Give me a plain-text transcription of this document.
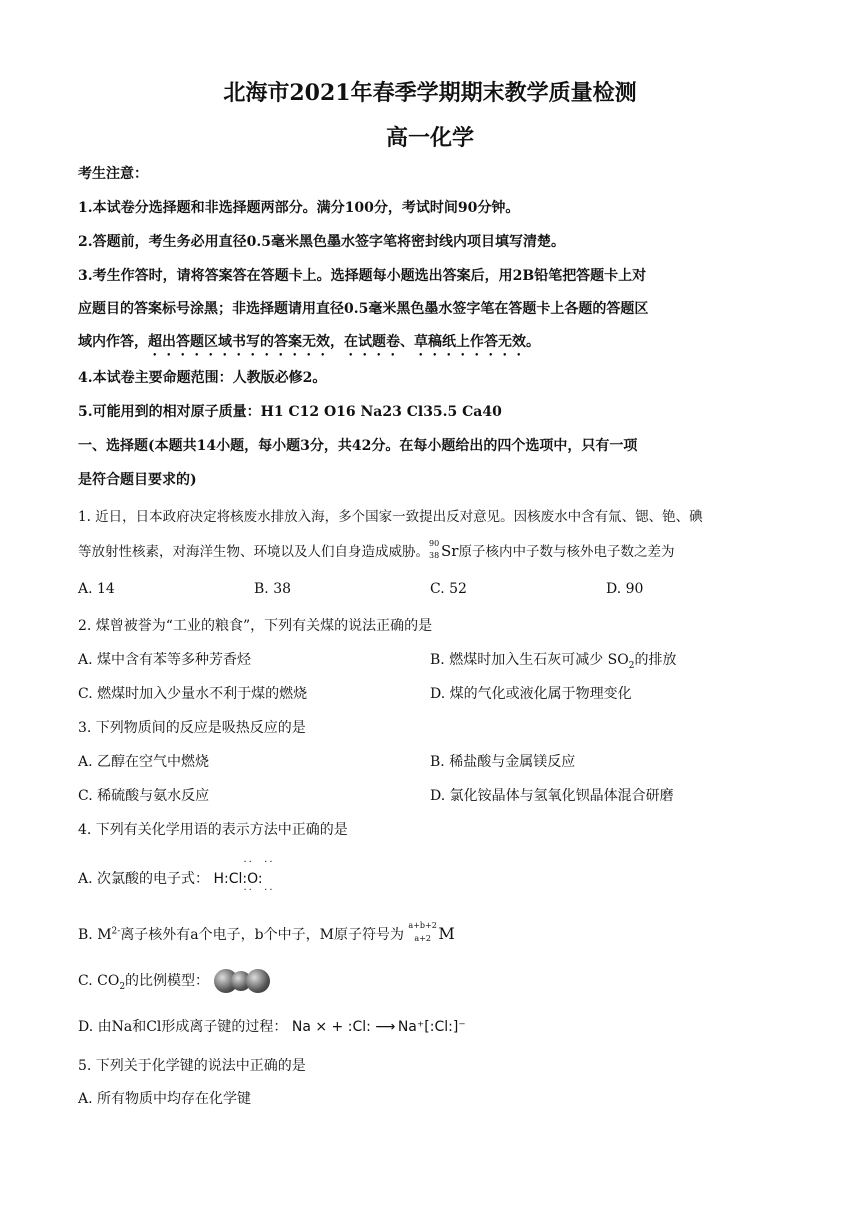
北海市2021年春季学期期末教学质量检测
高一化学
考生注意：
1.本试卷分选择题和非选择题两部分。满分100分，考试时间90分钟。
2.答题前，考生务必用直径0.5毫米黑色墨水签字笔将密封线内项目填写清楚。
3.考生作答时，请将答案答在答题卡上。选择题每小题选出答案后，用2B铅笔把答题卡上对
应题目的答案标号涂黑；非选择题请用直径0.5毫米黑色墨水签字笔在答题卡上各题的答题区
域内作答，超出答题区域书写的答案无效，在试题卷、草稿纸上作答无效。
4.本试卷主要命题范围：人教版必修2。
5.可能用到的相对原子质量：H1 C12 O16 Na23 Cl35.5 Ca40
一、选择题(本题共14小题，每小题3分，共42分。在每小题给出的四个选项中，只有一项
是符合题目要求的)
1. 近日，日本政府决定将核废水排放入海，多个国家一致提出反对意见。因核废水中含有氚、锶、铯、碘
等放射性核素，对海洋生物、环境以及人们自身造成威胁。
90
38 Sr原子核内中子数与核外电子数之差为
A. 14	B. 38	C. 52	D. 90
2. 煤曾被誉为“工业的粮食”，下列有关煤的说法正确的是
A. 煤中含有苯等多种芳香烃	B. 燃煤时加入生石灰可减少 $SO_2$的排放
C. 燃煤时加入少量水不利于煤的燃烧	D. 煤的气化或液化属于物理变化
3. 下列物质间的反应是吸热反应的是
A. 乙醇在空气中燃烧	B. 稀盐酸与金属镁反应
C. 稀硫酸与氨水反应	D. 氯化铵晶体与氢氧化钡晶体混合研磨
4. 下列有关化学用语的表示方法中正确的是
A. 次氯酸的电子式：
··  ··
H:Cl:O:
··  ··
B. $M^{2-}$离子核外有a个电子，b个中子，M原子符号为
a+b+2
a+2 M
C. $CO_2$的比例模型：
D. 由Na和Cl形成离子键的过程： Na × + :Cl: ⟶ Na⁺[:Cl:]⁻
5. 下列关于化学键的说法中正确的是
A. 所有物质中均存在化学键
